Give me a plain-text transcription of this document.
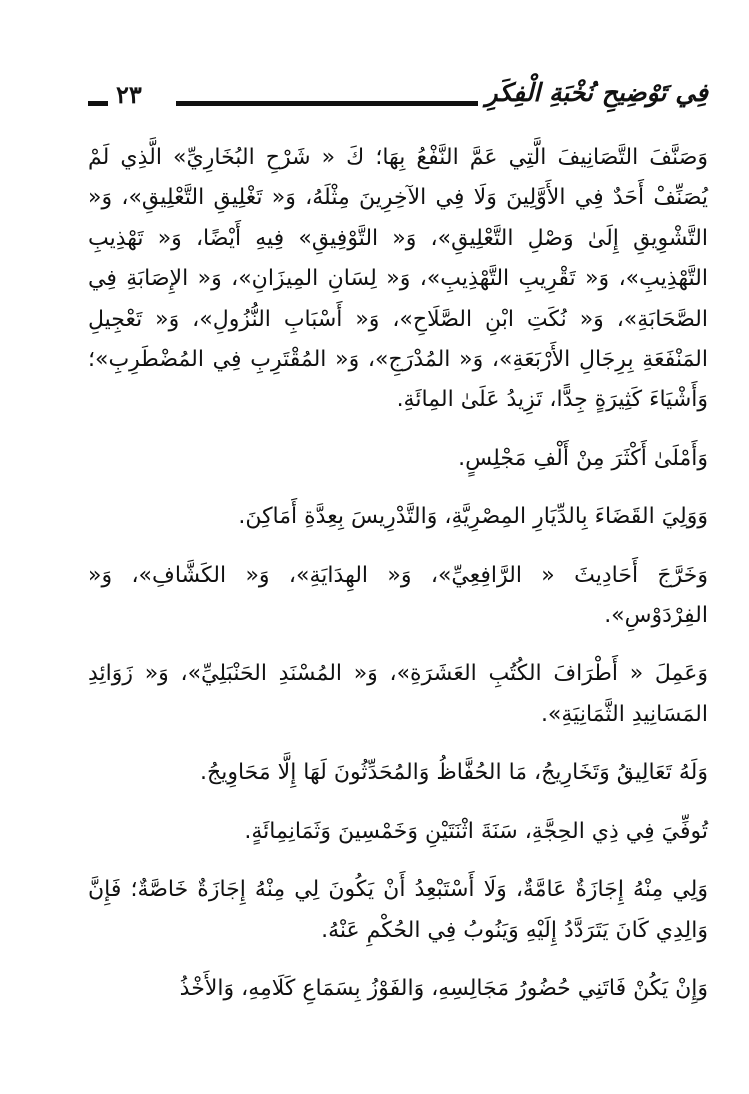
فِي تَوْضِيحِ نُخْبَةِ الْفِكَرِ
٢٣

وَصَنَّفَ التَّصَانِيفَ الَّتِي عَمَّ النَّفْعُ بِهَا؛ كَ « شَرْحِ البُخَارِيِّ» الَّذِي لَمْ يُصَنِّفْ أَحَدٌ فِي الأَوَّلِينَ وَلَا فِي الآخِرِينَ مِثْلَهُ، وَ« تَغْلِيقِ التَّعْلِيقِ»، وَ« التَّشْوِيقِ إِلَىٰ وَصْلِ التَّعْلِيقِ»، وَ« التَّوْفِيقِ» فِيهِ أَيْضًا، وَ« تَهْذِيبِ التَّهْذِيبِ»، وَ« تَقْرِيبِ التَّهْذِيبِ»، وَ« لِسَانِ المِيزَانِ»، وَ« الإِصَابَةِ فِي الصَّحَابَةِ»، وَ« نُكَتِ ابْنِ الصَّلَاحِ»، وَ« أَسْبَابِ النُّزُولِ»، وَ« تَعْجِيلِ المَنْفَعَةِ بِرِجَالِ الأَرْبَعَةِ»، وَ« المُدْرَجِ»، وَ« المُقْتَرِبِ فِي المُضْطَرِبِ»؛ وَأَشْيَاءَ كَثِيرَةٍ جِدًّا، تَزِيدُ عَلَىٰ المِائَةِ.

وَأَمْلَىٰ أَكْثَرَ مِنْ أَلْفِ مَجْلِسٍ.

وَوَلِيَ القَضَاءَ بِالدِّيَارِ المِصْرِيَّةِ، وَالتَّدْرِيسَ بِعِدَّةِ أَمَاكِنَ.

وَخَرَّجَ أَحَادِيثَ « الرَّافِعِيِّ»، وَ« الهِدَايَةِ»، وَ« الكَشَّافِ»، وَ« الفِرْدَوْسِ».

وَعَمِلَ « أَطْرَافَ الكُتُبِ العَشَرَةِ»، وَ« المُسْنَدِ الحَنْبَلِيِّ»، وَ« زَوَائِدِ المَسَانِيدِ الثَّمَانِيَةِ».

وَلَهُ تَعَالِيقُ وَتَخَارِيجُ، مَا الحُفَّاظُ وَالمُحَدِّثُونَ لَهَا إِلَّا مَحَاوِيجُ.

تُوفِّيَ فِي ذِي الحِجَّةِ، سَنَةَ اثْنَتَيْنِ وَخَمْسِينَ وَثَمَانِمِائَةٍ.

وَلِي مِنْهُ إِجَازَةٌ عَامَّةٌ، وَلَا أَسْتَبْعِدُ أَنْ يَكُونَ لِي مِنْهُ إِجَازَةٌ خَاصَّةٌ؛ فَإِنَّ وَالِدِي كَانَ يَتَرَدَّدُ إِلَيْهِ وَيَنُوبُ فِي الحُكْمِ عَنْهُ.

وَإِنْ يَكُنْ فَاتَنِي حُضُورُ مَجَالِسِهِ، وَالفَوْزُ بِسَمَاعِ كَلَامِهِ، وَالأَخْذُ
